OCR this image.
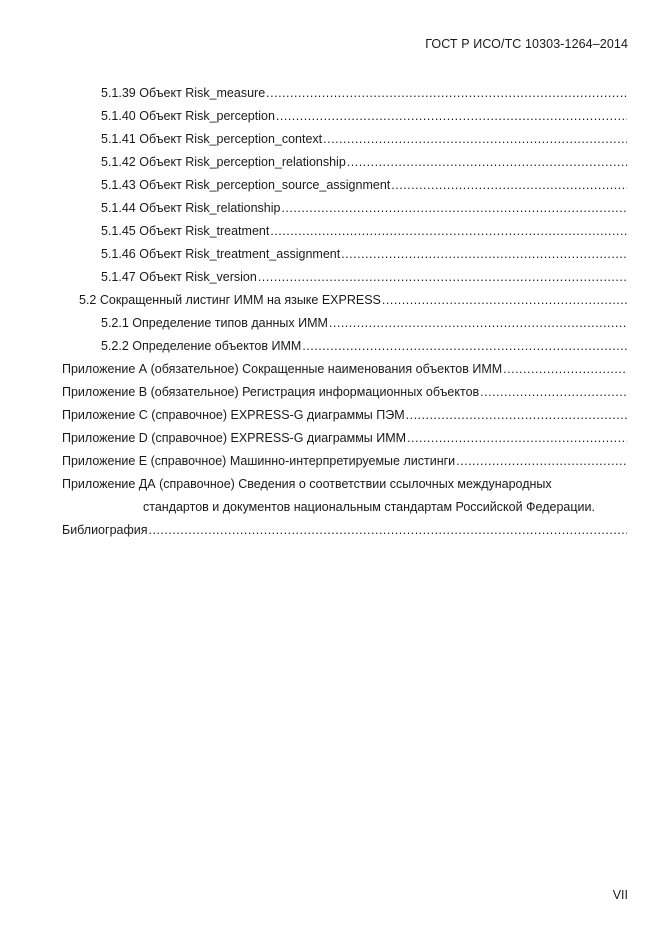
ГОСТ Р ИСО/ТС 10303-1264–2014
5.1.39 Объект Risk_measure
.....
5.1.40 Объект Risk_perception
.....
5.1.41 Объект Risk_perception_context
.....
5.1.42 Объект Risk_perception_relationship
.....
5.1.43 Объект Risk_perception_source_assignment
.....
5.1.44 Объект Risk_relationship
.....
5.1.45 Объект Risk_treatment
.....
5.1.46 Объект Risk_treatment_assignment
.....
5.1.47 Объект Risk_version
.....
5.2 Сокращенный листинг ИММ на языке EXPRESS
.....
5.2.1 Определение типов данных ИММ
.....
5.2.2 Определение объектов ИММ
.....
Приложение А (обязательное) Сокращенные наименования объектов ИММ
.....
Приложение В (обязательное) Регистрация информационных объектов
.....
Приложение С (справочное) EXPRESS-G диаграммы ПЭМ
.....
Приложение D (справочное) EXPRESS-G диаграммы ИММ
.....
Приложение Е (справочное) Машинно-интерпретируемые листинги
.....
Приложение ДА (справочное) Сведения о соответствии ссылочных международных
стандартов и документов национальным стандартам Российской Федерации.
Библиография
.....
VII
